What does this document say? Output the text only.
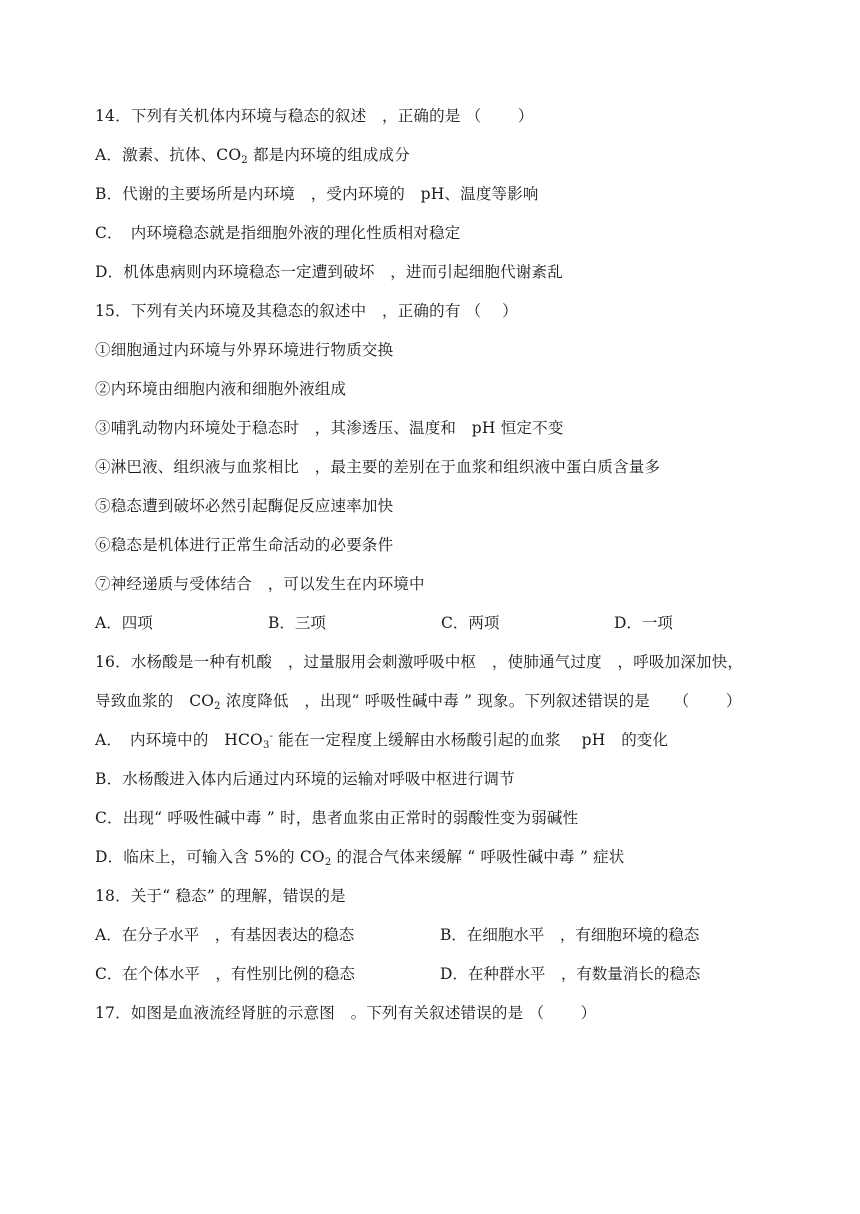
14．下列有关机体内环境与稳态的叙述　，正确的是 （　　 ）
A．激素、抗体、$CO_2$ 都是内环境的组成成分
B．代谢的主要场所是内环境　，受内环境的　pH、温度等影响
C．　内环境稳态就是指细胞外液的理化性质相对稳定
D．机体患病则内环境稳态一定遭到破坏　，进而引起细胞代谢紊乱
15．下列有关内环境及其稳态的叙述中　，正确的有 （　 ）
①细胞通过内环境与外界环境进行物质交换
②内环境由细胞内液和细胞外液组成
③哺乳动物内环境处于稳态时　，其渗透压、温度和　pH 恒定不变
④淋巴液、组织液与血浆相比　，最主要的差别在于血浆和组织液中蛋白质含量多
⑤稳态遭到破坏必然引起酶促反应速率加快
⑥稳态是机体进行正常生命活动的必要条件
⑦神经递质与受体结合　，可以发生在内环境中
A．四项	B．三项	C．两项	D．一项
16．水杨酸是一种有机酸　，过量服用会刺激呼吸中枢　，使肺通气过度　，呼吸加深加快，
导致血浆的　$CO_2$ 浓度降低　，出现“ 呼吸性碱中毒 ” 现象。下列叙述错误的是　　（　　 ）
A．　内环境中的　$HCO_3^-$ 能在一定程度上缓解由水杨酸引起的血浆　 pH　的变化
B．水杨酸进入体内后通过内环境的运输对呼吸中枢进行调节
C．出现“ 呼吸性碱中毒 ” 时，患者血浆由正常时的弱酸性变为弱碱性
D．临床上，可输入含 5%的 $CO_2$ 的混合气体来缓解 “ 呼吸性碱中毒 ” 症状
18．关于“ 稳态” 的理解，错误的是
A．在分子水平　，有基因表达的稳态	B．在细胞水平　，有细胞环境的稳态
C．在个体水平　，有性别比例的稳态	D．在种群水平　，有数量消长的稳态
17．如图是血液流经肾脏的示意图　。下列有关叙述错误的是 （　　 ）
